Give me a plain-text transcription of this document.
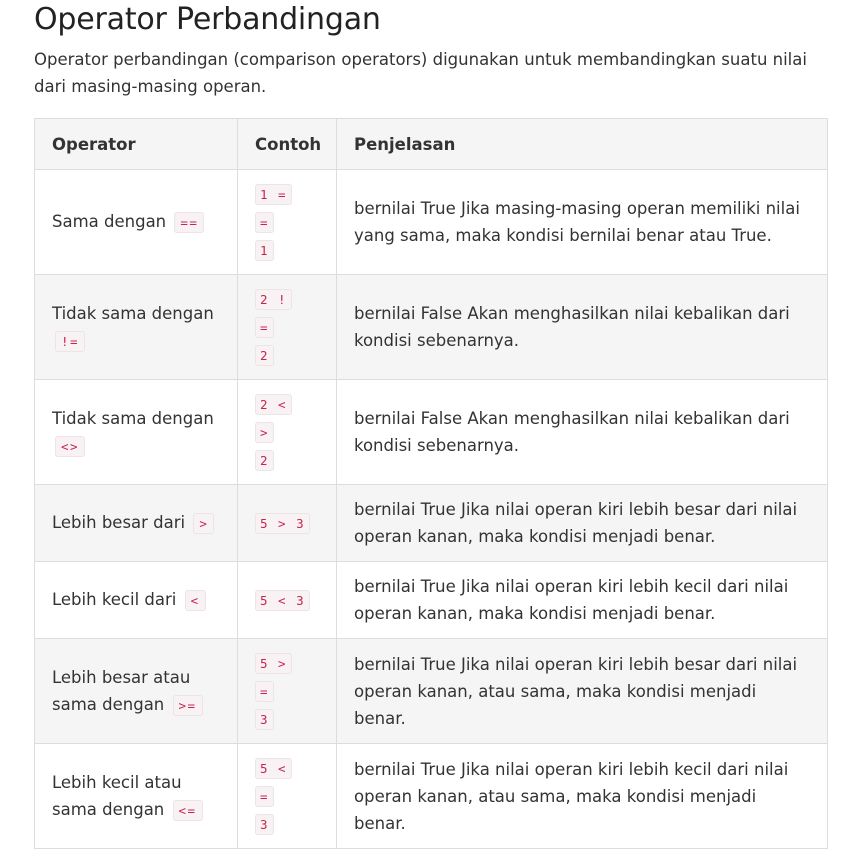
Operator Perbandingan

Operator perbandingan (comparison operators) digunakan untuk membandingkan suatu nilai dari masing-masing operan.

Operator	Contoh	Penjelasan
Sama dengan ==	1 == 1	bernilai True Jika masing-masing operan memiliki nilai yang sama, maka kondisi bernilai benar atau True.
Tidak sama dengan !=	2 != 2	bernilai False Akan menghasilkan nilai kebalikan dari kondisi sebenarnya.
Tidak sama dengan <>	2 <> 2	bernilai False Akan menghasilkan nilai kebalikan dari kondisi sebenarnya.
Lebih besar dari >	5 > 3	bernilai True Jika nilai operan kiri lebih besar dari nilai operan kanan, maka kondisi menjadi benar.
Lebih kecil dari <	5 < 3	bernilai True Jika nilai operan kiri lebih kecil dari nilai operan kanan, maka kondisi menjadi benar.
Lebih besar atau sama dengan >=	5 >= 3	bernilai True Jika nilai operan kiri lebih besar dari nilai operan kanan, atau sama, maka kondisi menjadi benar.
Lebih kecil atau sama dengan <=	5 <= 3	bernilai True Jika nilai operan kiri lebih kecil dari nilai operan kanan, atau sama, maka kondisi menjadi benar.
